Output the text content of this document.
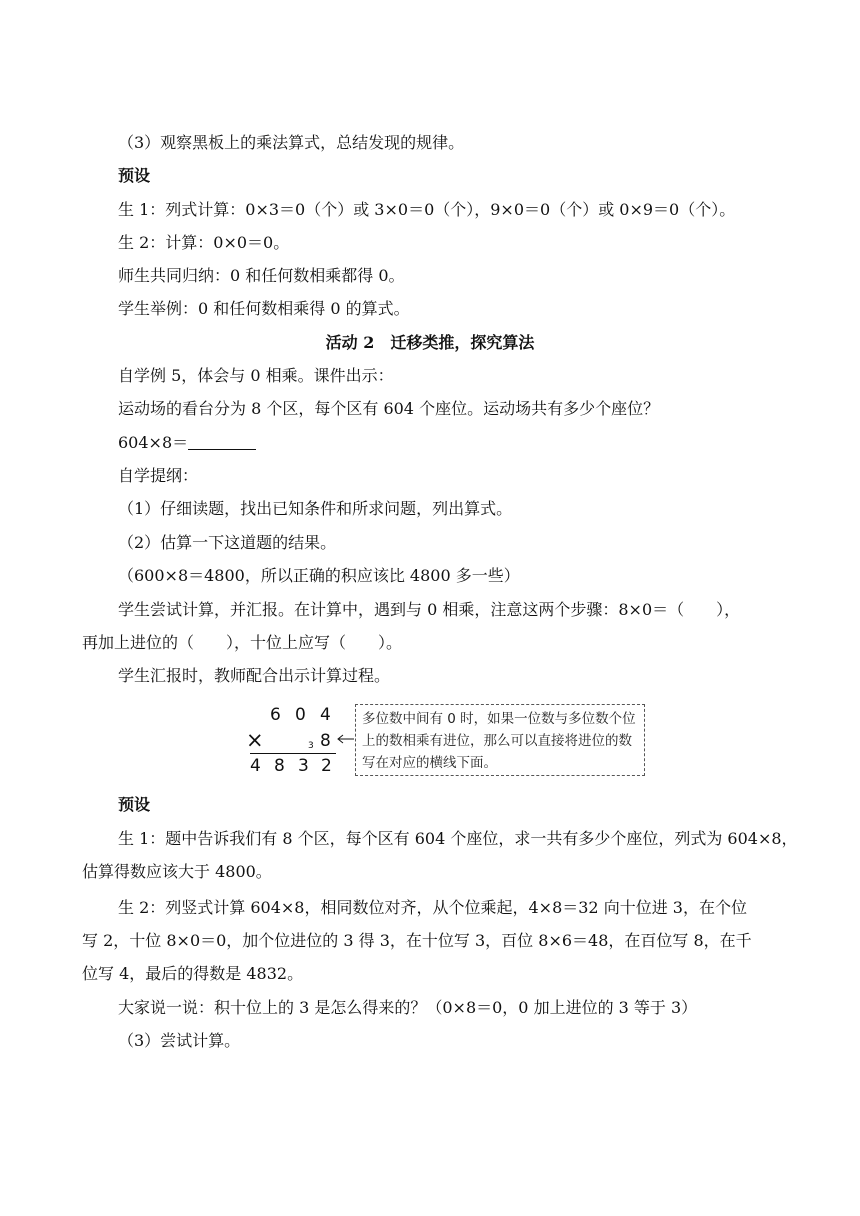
（3）观察黑板上的乘法算式，总结发现的规律。
预设
生 1：列式计算：0×3＝0（个）或 3×0＝0（个），9×0＝0（个）或 0×9＝0（个）。
生 2：计算：0×0＝0。
师生共同归纳：0 和任何数相乘都得 0。
学生举例：0 和任何数相乘得 0 的算式。
活动 2　迁移类推，探究算法
自学例 5，体会与 0 相乘。课件出示：
运动场的看台分为 8 个区，每个区有 604 个座位。运动场共有多少个座位？
604×8＝
自学提纲：
（1）仔细读题，找出已知条件和所求问题，列出算式。
（2）估算一下这道题的结果。
（600×8＝4800，所以正确的积应该比 4800 多一些）
学生尝试计算，并汇报。在计算中，遇到与 0 相乘，注意这两个步骤：8×0＝（　　），
再加上进位的（　　），十位上应写（　　）。
学生汇报时，教师配合出示计算过程。
6 0 4
×	3 8
4 8 3 2
多位数中间有 0 时，如果一位数与多位数个位上的数相乘有进位，那么可以直接将进位的数写在对应的横线下面。
预设
生 1：题中告诉我们有 8 个区，每个区有 604 个座位，求一共有多少个座位，列式为 604×8，
估算得数应该大于 4800。
生 2：列竖式计算 604×8，相同数位对齐，从个位乘起，4×8＝32 向十位进 3，在个位
写 2，十位 8×0＝0，加个位进位的 3 得 3，在十位写 3，百位 8×6＝48，在百位写 8，在千
位写 4，最后的得数是 4832。
大家说一说：积十位上的 3 是怎么得来的？（0×8＝0，0 加上进位的 3 等于 3）
（3）尝试计算。
